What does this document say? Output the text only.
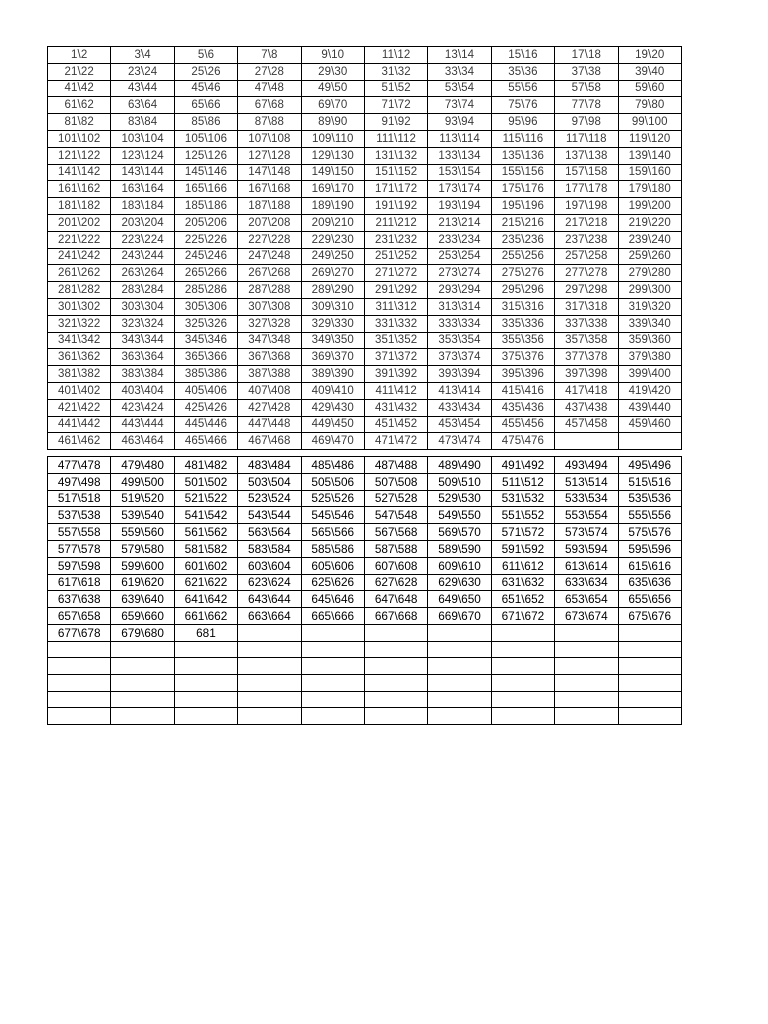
1\2	3\4	5\6	7\8	9\10	11\12	13\14	15\16	17\18	19\20
21\22	23\24	25\26	27\28	29\30	31\32	33\34	35\36	37\38	39\40
41\42	43\44	45\46	47\48	49\50	51\52	53\54	55\56	57\58	59\60
61\62	63\64	65\66	67\68	69\70	71\72	73\74	75\76	77\78	79\80
81\82	83\84	85\86	87\88	89\90	91\92	93\94	95\96	97\98	99\100
101\102	103\104	105\106	107\108	109\110	111\112	113\114	115\116	117\118	119\120
121\122	123\124	125\126	127\128	129\130	131\132	133\134	135\136	137\138	139\140
141\142	143\144	145\146	147\148	149\150	151\152	153\154	155\156	157\158	159\160
161\162	163\164	165\166	167\168	169\170	171\172	173\174	175\176	177\178	179\180
181\182	183\184	185\186	187\188	189\190	191\192	193\194	195\196	197\198	199\200
201\202	203\204	205\206	207\208	209\210	211\212	213\214	215\216	217\218	219\220
221\222	223\224	225\226	227\228	229\230	231\232	233\234	235\236	237\238	239\240
241\242	243\244	245\246	247\248	249\250	251\252	253\254	255\256	257\258	259\260
261\262	263\264	265\266	267\268	269\270	271\272	273\274	275\276	277\278	279\280
281\282	283\284	285\286	287\288	289\290	291\292	293\294	295\296	297\298	299\300
301\302	303\304	305\306	307\308	309\310	311\312	313\314	315\316	317\318	319\320
321\322	323\324	325\326	327\328	329\330	331\332	333\334	335\336	337\338	339\340
341\342	343\344	345\346	347\348	349\350	351\352	353\354	355\356	357\358	359\360
361\362	363\364	365\366	367\368	369\370	371\372	373\374	375\376	377\378	379\380
381\382	383\384	385\386	387\388	389\390	391\392	393\394	395\396	397\398	399\400
401\402	403\404	405\406	407\408	409\410	411\412	413\414	415\416	417\418	419\420
421\422	423\424	425\426	427\428	429\430	431\432	433\434	435\436	437\438	439\440
441\442	443\444	445\446	447\448	449\450	451\452	453\454	455\456	457\458	459\460
461\462	463\464	465\466	467\468	469\470	471\472	473\474	475\476		
477\478	479\480	481\482	483\484	485\486	487\488	489\490	491\492	493\494	495\496
497\498	499\500	501\502	503\504	505\506	507\508	509\510	511\512	513\514	515\516
517\518	519\520	521\522	523\524	525\526	527\528	529\530	531\532	533\534	535\536
537\538	539\540	541\542	543\544	545\546	547\548	549\550	551\552	553\554	555\556
557\558	559\560	561\562	563\564	565\566	567\568	569\570	571\572	573\574	575\576
577\578	579\580	581\582	583\584	585\586	587\588	589\590	591\592	593\594	595\596
597\598	599\600	601\602	603\604	605\606	607\608	609\610	611\612	613\614	615\616
617\618	619\620	621\622	623\624	625\626	627\628	629\630	631\632	633\634	635\636
637\638	639\640	641\642	643\644	645\646	647\648	649\650	651\652	653\654	655\656
657\658	659\660	661\662	663\664	665\666	667\668	669\670	671\672	673\674	675\676
677\678	679\680	681							
